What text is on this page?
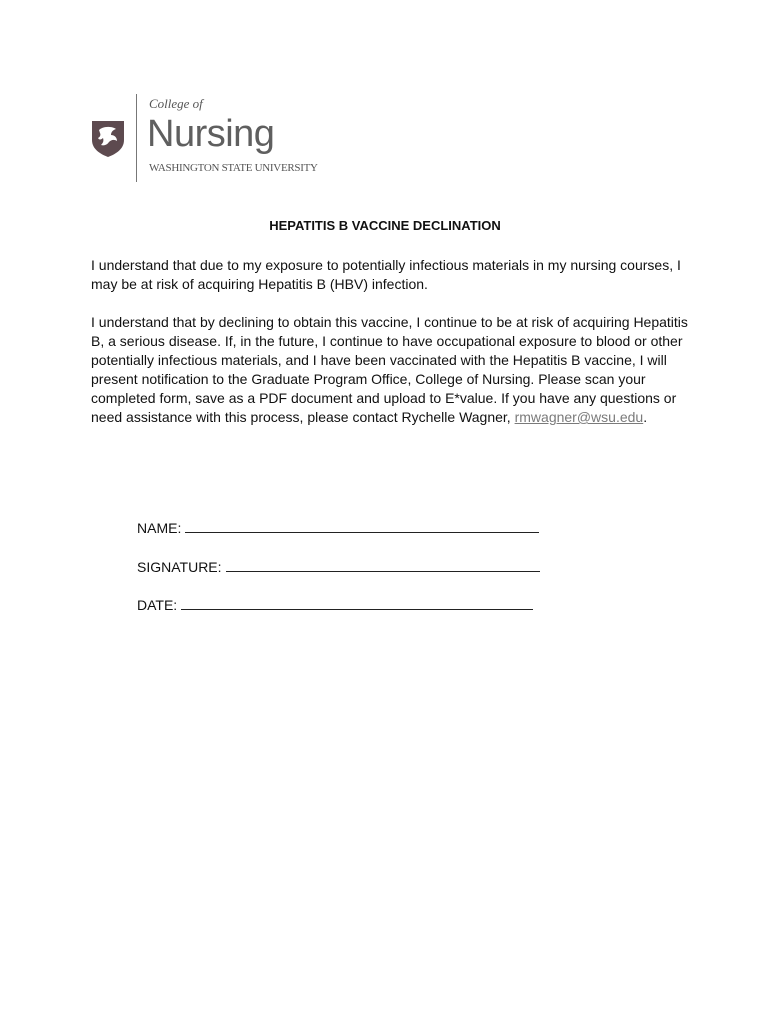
College of
Nursing
WASHINGTON STATE UNIVERSITY
HEPATITIS B VACCINE DECLINATION

I understand that due to my exposure to potentially infectious materials in my nursing courses, I may be at risk of acquiring Hepatitis B (HBV) infection.

I understand that by declining to obtain this vaccine, I continue to be at risk of acquiring Hepatitis B, a serious disease. If, in the future, I continue to have occupational exposure to blood or other potentially infectious materials, and I have been vaccinated with the Hepatitis B vaccine, I will present notification to the Graduate Program Office, College of Nursing. Please scan your completed form, save as a PDF document and upload to E*value. If you have any questions or need assistance with this process, please contact Rychelle Wagner, rmwagner@wsu.edu.

NAME:
SIGNATURE:
DATE:
